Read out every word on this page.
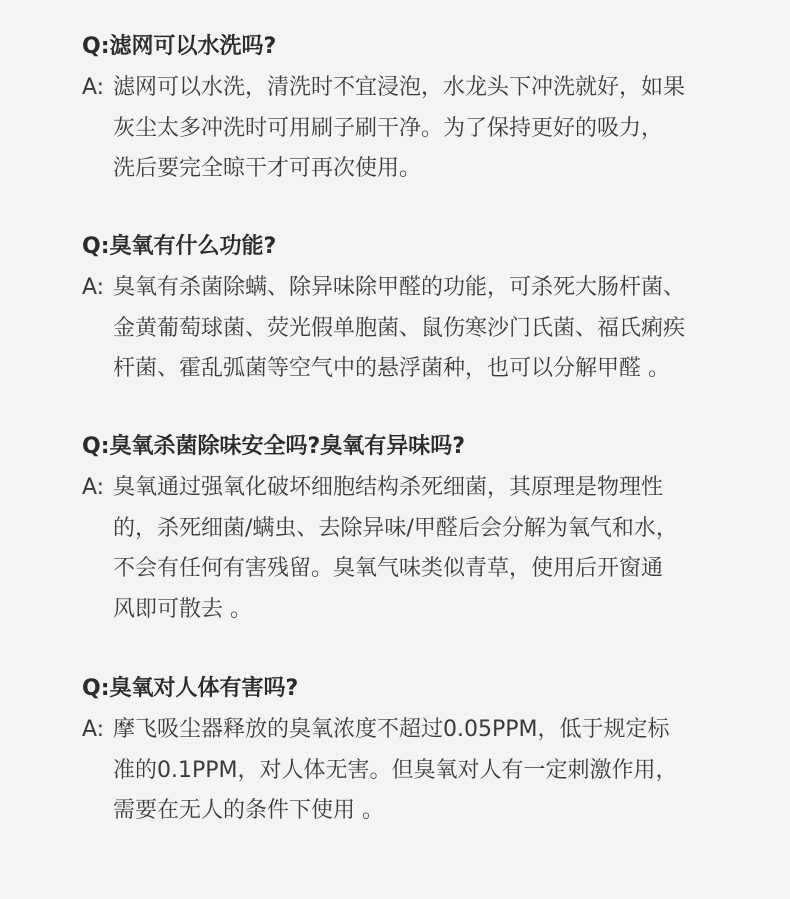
Q:滤网可以水洗吗?
A: 滤网可以水洗，清洗时不宜浸泡，水龙头下冲洗就好，如果
灰尘太多冲洗时可用刷子刷干净。为了保持更好的吸力，
洗后要完全晾干才可再次使用。
Q:臭氧有什么功能?
A: 臭氧有杀菌除螨、除异味除甲醛的功能，可杀死大肠杆菌、
金黄葡萄球菌、荧光假单胞菌、鼠伤寒沙门氏菌、福氏痢疾
杆菌、霍乱弧菌等空气中的悬浮菌种，也可以分解甲醛 。
Q:臭氧杀菌除味安全吗?臭氧有异味吗?
A: 臭氧通过强氧化破坏细胞结构杀死细菌，其原理是物理性
的，杀死细菌/螨虫、去除异味/甲醛后会分解为氧气和水，
不会有任何有害残留。臭氧气味类似青草，使用后开窗通
风即可散去 。
Q:臭氧对人体有害吗?
A: 摩飞吸尘器释放的臭氧浓度不超过0.05PPM，低于规定标
准的0.1PPM，对人体无害。但臭氧对人有一定刺激作用，
需要在无人的条件下使用 。
